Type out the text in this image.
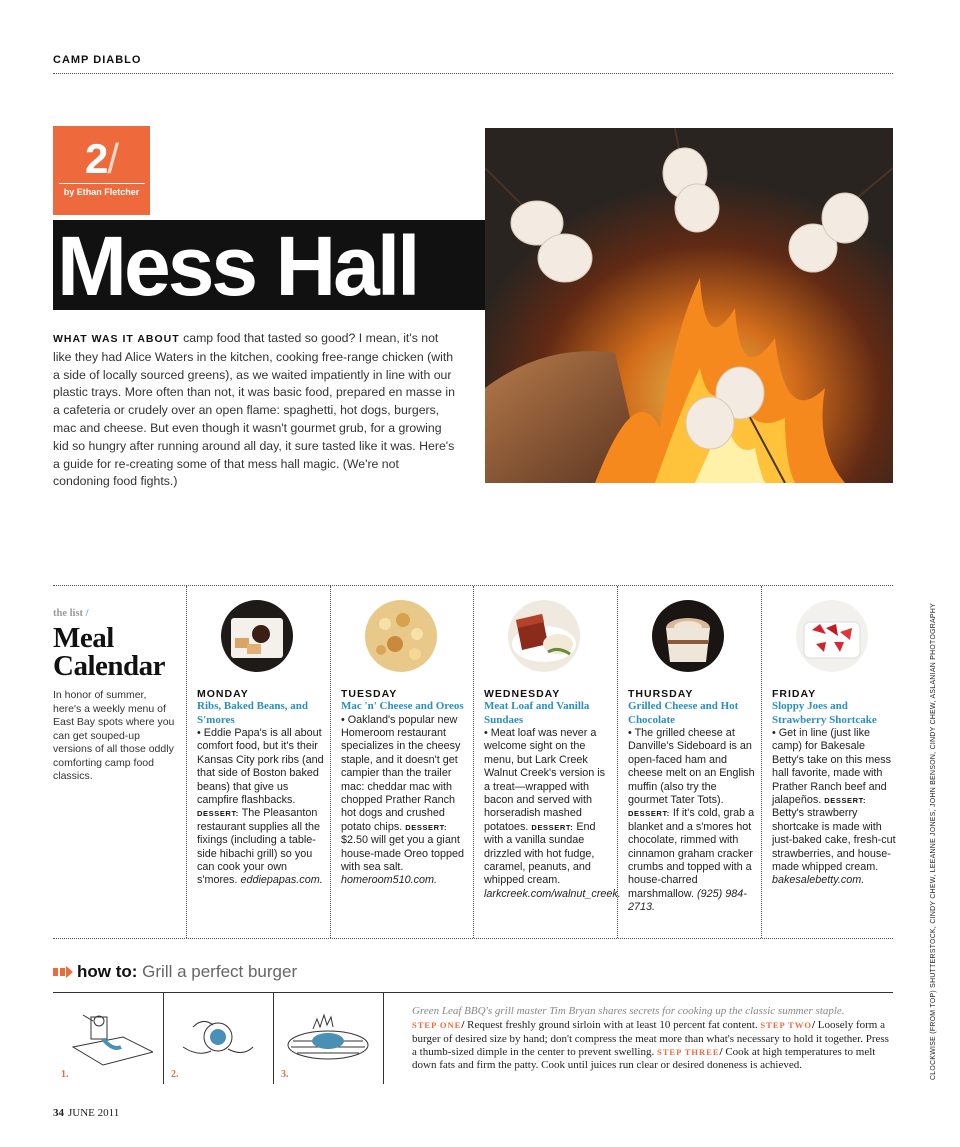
CAMP DIABLO
2/
by Ethan Fletcher
Mess Hall
WHAT WAS IT ABOUT camp food that tasted so good? I mean, it's not like they had Alice Waters in the kitchen, cooking free-range chicken (with a side of locally sourced greens), as we waited impatiently in line with our plastic trays. More often than not, it was basic food, prepared en masse in a cafeteria or crudely over an open flame: spaghetti, hot dogs, burgers, mac and cheese. But even though it wasn't gourmet grub, for a growing kid so hungry after running around all day, it sure tasted like it was. Here's a guide for re-creating some of that mess hall magic. (We're not condoning food fights.)
the list /
Meal
Calendar
In honor of summer, here's a weekly menu of East Bay spots where you can get souped-up versions of all those oddly comforting camp food classics.
MONDAY
Ribs, Baked Beans, and S'mores
• Eddie Papa's is all about comfort food, but it's their Kansas City pork ribs (and that side of Boston baked beans) that give us campfire flashbacks. DESSERT: The Pleasanton restaurant supplies all the fixings (including a table-side hibachi grill) so you can cook your own s'mores. eddiepapas.com.
TUESDAY
Mac 'n' Cheese and Oreos
• Oakland's popular new Homeroom restaurant specializes in the cheesy staple, and it doesn't get campier than the trailer mac: cheddar mac with chopped Prather Ranch hot dogs and crushed potato chips. DESSERT: $2.50 will get you a giant house-made Oreo topped with sea salt. homeroom510.com.
WEDNESDAY
Meat Loaf and Vanilla Sundaes
• Meat loaf was never a welcome sight on the menu, but Lark Creek Walnut Creek's version is a treat—wrapped with bacon and served with horseradish mashed potatoes. DESSERT: End with a vanilla sundae drizzled with hot fudge, caramel, peanuts, and whipped cream. larkcreek.com/walnut_creek.
THURSDAY
Grilled Cheese and Hot Chocolate
• The grilled cheese at Danville's Sideboard is an open-faced ham and cheese melt on an English muffin (also try the gourmet Tater Tots). DESSERT: If it's cold, grab a blanket and a s'mores hot chocolate, rimmed with cinnamon graham cracker crumbs and topped with a house-charred marshmallow. (925) 984-2713.
FRIDAY
Sloppy Joes and Strawberry Shortcake
• Get in line (just like camp) for Bakesale Betty's take on this mess hall favorite, made with Prather Ranch beef and jalapeños. DESSERT: Betty's strawberry shortcake is made with just-baked cake, fresh-cut strawberries, and house-made whipped cream. bakesalebetty.com.
how to: Grill a perfect burger
1.	2.	3.
Green Leaf BBQ's grill master Tim Bryan shares secrets for cooking up the classic summer staple.
STEP ONE/ Request freshly ground sirloin with at least 10 percent fat content. STEP TWO/ Loosely form a burger of desired size by hand; don't compress the meat more than what's necessary to hold it together. Press a thumb-sized dimple in the center to prevent swelling. STEP THREE/ Cook at high temperatures to melt down fats and firm the patty. Cook until juices run clear or desired doneness is achieved.
34 JUNE 2011
CLOCKWISE (FROM TOP) SHUTTERSTOCK, CINDY CHEW, LEEANNE JONES, JOHN BENSON, CINDY CHEW, ASLANIAN PHOTOGRAPHY
